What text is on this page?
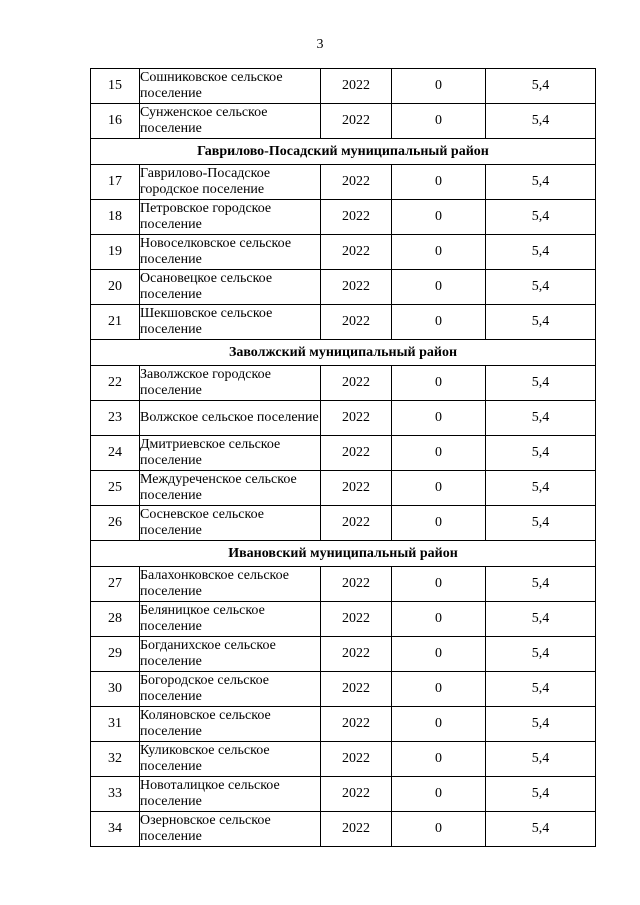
3
15	Сошниковское сельское поселение	2022	0	5,4
16	Сунженское сельское поселение	2022	0	5,4
Гаврилово-Посадский муниципальный район				
17	Гаврилово-Посадское городское поселение	2022	0	5,4
18	Петровское городское поселение	2022	0	5,4
19	Новоселковское сельское поселение	2022	0	5,4
20	Осановецкое сельское поселение	2022	0	5,4
21	Шекшовское сельское поселение	2022	0	5,4
Заволжский муниципальный район				
22	Заволжское городское поселение	2022	0	5,4
23	Волжское сельское поселение	2022	0	5,4
24	Дмитриевское сельское поселение	2022	0	5,4
25	Междуреченское сельское поселение	2022	0	5,4
26	Сосневское сельское поселение	2022	0	5,4
Ивановский муниципальный район				
27	Балахонковское сельское поселение	2022	0	5,4
28	Беляницкое сельское поселение	2022	0	5,4
29	Богданихское сельское поселение	2022	0	5,4
30	Богородское сельское поселение	2022	0	5,4
31	Коляновское сельское поселение	2022	0	5,4
32	Куликовское сельское поселение	2022	0	5,4
33	Новоталицкое сельское поселение	2022	0	5,4
34	Озерновское сельское поселение	2022	0	5,4
